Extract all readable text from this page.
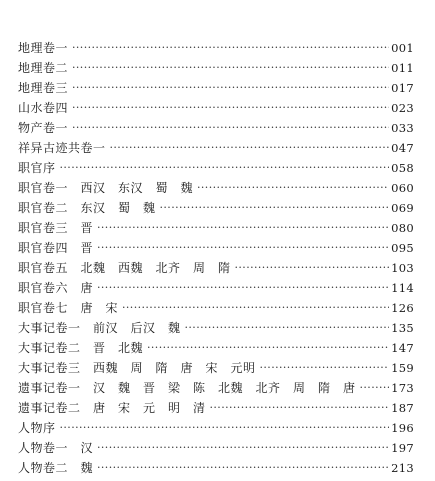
地理卷一 ·····	001
地理卷二 ·····	011
地理卷三 ·····	017
山水卷四 ·····	023
物产卷一 ·····	033
祥异古迹共卷一 ·····	047
职官序 ·····	058
职官卷一　西汉　东汉　蜀　魏 ·····	060
职官卷二　东汉　蜀　魏 ·····	069
职官卷三　晋 ·····	080
职官卷四　晋 ·····	095
职官卷五　北魏　西魏　北齐　周　隋 ·····	103
职官卷六　唐 ·····	114
职官卷七　唐　宋 ·····	126
大事记卷一　前汉　后汉　魏 ·····	135
大事记卷二　晋　北魏 ·····	147
大事记卷三　西魏　周　隋　唐　宋　元明 ·····	159
遗事记卷一　汉　魏　晋　梁　陈　北魏　北齐　周　隋　唐 ·····	173
遗事记卷二　唐　宋　元　明　清 ·····	187
人物序 ·····	196
人物卷一　汉 ·····	197
人物卷二　魏 ·····	213
